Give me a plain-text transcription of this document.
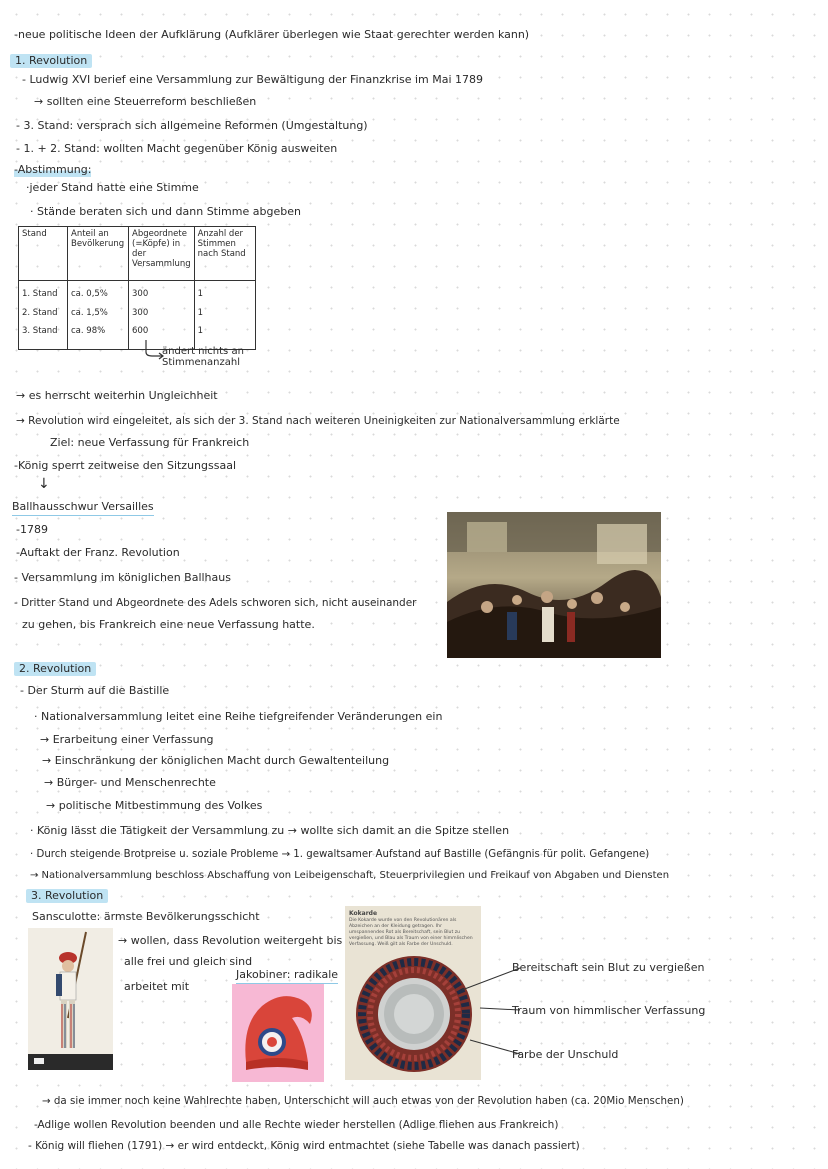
-neue politische Ideen der Aufklärung (Aufklärer überlegen wie Staat gerechter werden kann)
1. Revolution
- Ludwig XVI berief eine Versammlung zur Bewältigung der Finanzkrise im Mai 1789
→ sollten eine Steuerreform beschließen
- 3. Stand: versprach sich allgemeine Reformen (Umgestaltung)
- 1. + 2. Stand: wollten Macht gegenüber König ausweiten
-Abstimmung:
·jeder Stand hatte eine Stimme
· Stände beraten sich und dann Stimme abgeben
Stand	Anteil an Bevölkerung	Abgeordnete (=Köpfe) in der Versammlung	Anzahl der Stimmen nach Stand
1. Stand	ca. 0,5%	300	1
2. Stand	ca. 1,5%	300	1
3. Stand	ca. 98%	600	1
ändert nichts an Stimmenanzahl
→ es herrscht weiterhin Ungleichheit
→ Revolution wird eingeleitet, als sich der 3. Stand nach weiteren Uneinigkeiten zur Nationalversammlung erklärte
Ziel: neue Verfassung für Frankreich
-König sperrt zeitweise den Sitzungssaal
↓
Ballhausschwur Versailles
-1789
-Auftakt der Franz. Revolution
- Versammlung im königlichen Ballhaus
- Dritter Stand und Abgeordnete des Adels schworen sich, nicht auseinander
zu gehen, bis Frankreich eine neue Verfassung hatte.
2. Revolution
- Der Sturm auf die Bastille
· Nationalversammlung leitet eine Reihe tiefgreifender Veränderungen ein
→ Erarbeitung einer Verfassung
→ Einschränkung der königlichen Macht durch Gewaltenteilung
→ Bürger- und Menschenrechte
→ politische Mitbestimmung des Volkes
· König lässt die Tätigkeit der Versammlung zu → wollte sich damit an die Spitze stellen
· Durch steigende Brotpreise u. soziale Probleme → 1. gewaltsamer Aufstand auf Bastille (Gefängnis für polit. Gefangene)
→ Nationalversammlung beschloss Abschaffung von Leibeigenschaft, Steuerprivilegien und Freikauf von Abgaben und Diensten
3. Revolution
Sansculotte: ärmste Bevölkerungsschicht
→ wollen, dass Revolution weitergeht bis
alle frei und gleich sind
Jakobiner: radikale
arbeitet mit
Kokarde
Die Kokarde wurde von den Revolutionären als Abzeichen an der Kleidung getragen. Ihr umspannendes Rot als Bereitschaft, sein Blut zu vergießen, und Blau als Traum von einer himmlischen Verfassung. Weiß gilt als Farbe der Unschuld.
Bereitschaft sein Blut zu vergießen
Traum von himmlischer Verfassung
Farbe der Unschuld
→ da sie immer noch keine Wahlrechte haben, Unterschicht will auch etwas von der Revolution haben (ca. 20Mio Menschen)
-Adlige wollen Revolution beenden und alle Rechte wieder herstellen (Adlige fliehen aus Frankreich)
- König will fliehen (1791) → er wird entdeckt, König wird entmachtet (siehe Tabelle was danach passiert)
